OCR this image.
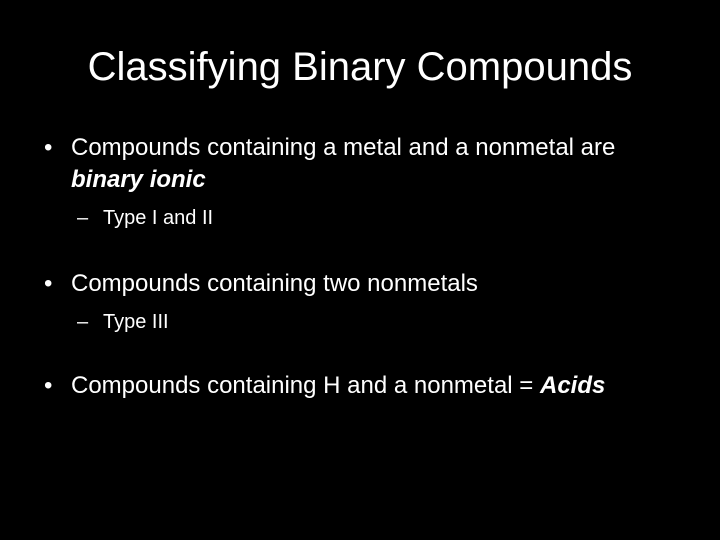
Classifying Binary Compounds
• Compounds containing a metal and a nonmetal are binary ionic
– Type I and II
• Compounds containing two nonmetals
– Type III
• Compounds containing H and a nonmetal = Acids
